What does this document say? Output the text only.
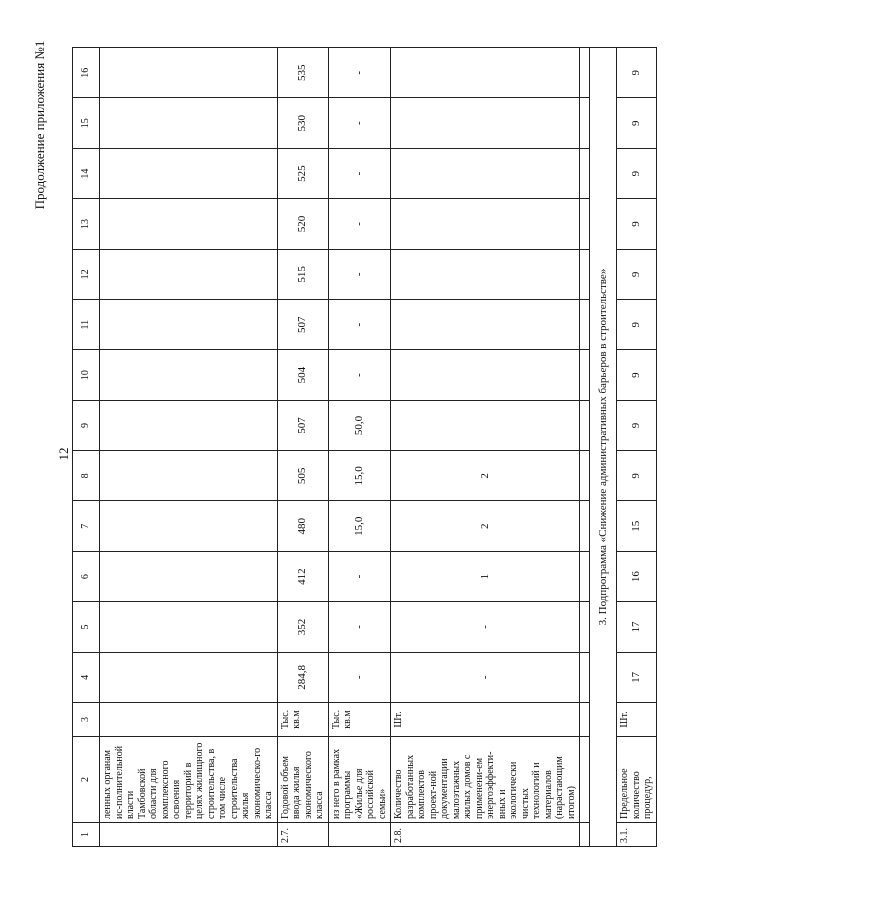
12
Продолжение приложения №1
1	2	3	4	5	6	7	8	9	10	11	12	13	14	15	16
	ленных органам ис-полнительной власти Тамбовской области для комплексного освоения территорий в целях жилищного строительства, в том числе строительства жилья экономическо-го класса														
2.7.	Годовой объем ввода жилья экономического класса	Тыс. кв.м	284,8	352	412	480	505	507	504	507	515	520	525	530	535
	из него в рамках программы «Жилье для российской семьи»	Тыс. кв.м	-	-	-	15,0	15,0	50,0	-	-	-	-	-	-	-
2.8.	Количество разработанных комплектов проект-ной документации малоэтажных жилых домов с применени-ем энергоэффекти-вных и экологически чистых технологий и материалов (нарастающим итогом)	Шт.	-	-	1	2	2								

3. Подпрограмма «Снижение административных барьеров в строительстве»															
3.1.	Предельное количество процедур,	Шт.	17	17	16	15	9	9	9	9	9	9	9	9	9
